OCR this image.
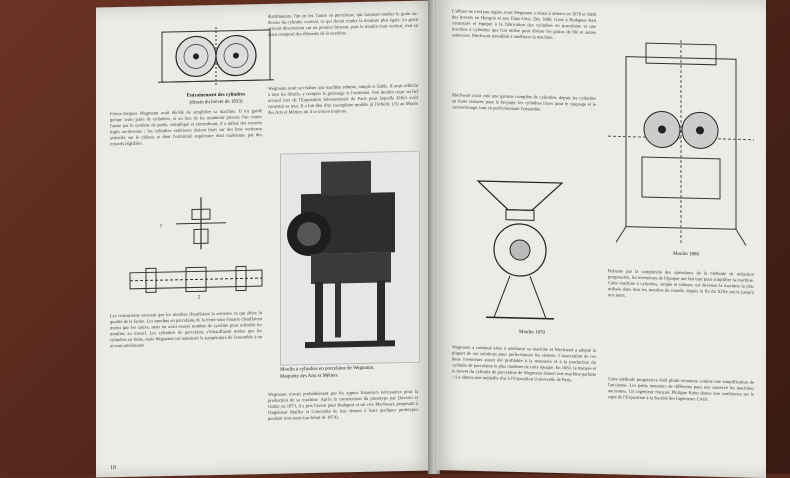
Entraînement des cylindres
(dessin du brevet de 1833)
Frères-Jacques Wegmann avait décidé de simplifier sa machine. Il n'a gardé qu'une seule paire de cylindres, et au lieu de les maintenir pressés l'un contre l'autre par le système de poids, compliqué et encombrant, il a utilisé des ressorts logés au-dessous ; les cylindres extérieurs étaient fixés sur des bras verticaux articulés sur le châssis et dont l'extrémité supérieure était maintenue par des ressorts réglables.
1
2
Les concurrents savaient que les moulins chauffaient la semence ce qui altère la qualité de la farine. Les moulins en porcelaine de la Ferté-sous-Jouarre chauffaient moins que les autres, mais on avait essayé nombre de système pour refroidir les moulins au travail. Les cylindres de porcelaine s'échauffaient moins que les cylindres en fonte, mais Wegmann sut maintenir la température de l'ensemble à un niveau satisfaisant.
distributeurs, l'un en fer, l'autre en porcelaine, qui faisaient tomber le grain au-dessus du cylindre vertical, ce qui devait rendre la mouture plus égale. Le grain arrivait directement sur un premier broyeur, puis le moulin était vertical, tout en étant composé des éléments de la machine.
Wegmann avait su réaliser une machine robuste, simple et fiable. Il avait réfléchi à tous les détails, y compris le graissage et l'entretien. Son moulin reçut un bel accueil lors de l'Exposition Internationale de Paris pour laquelle Eiffel avait construit sa tour. Il a fait don d'un exemplaire modèle (à l'échelle 1/5) au Musée des Arts et Métiers où il se trouve toujours.
Moulin à cylindres en porcelaine de Wegmann.
Maquette des Arts et Métiers
Wegmann n'avait probablement pas les appuis financiers nécessaires pour la production de sa machine. Après la construction du prototype par Daverio et Gütler en 1873, il a pris l'avion pour Budapest et un vice Mechwart, proposant à l'Ingénieur Mailler et Concordia de leur donner à leurs quelques prototypes pendant trois mois (au début de 1874).
18
L'affaire ne s'est pas réglée, mais Wegmann a réussi à obtenir en 1879 et 1880 des brevets en Hongrie et aux Etats-Unis. Dès 1880, Ganz à Budapest était construire et équiper à la fabrication des cylindres en porcelaine et une machine à cylindres que l'on utilise pour diviser les grains de blé et autres semences. Mechwart travaillait à améliorer la machine.
Mechwart avait créé une gamme complète de cylindres, depuis les cylindres en fonte rainurée pour le broyage, les cylindres lisses pour le claquage et le convertissage, tout en perfectionnant l'ensemble.
Moulin 1870
Wegmann a continué alors à améliorer sa machine et Mechwart a adopté la plupart de ses solutions pour perfectionner les siennes. L'association de ces deux inventeurs aurait été profitable à la meunerie et à la production du cylindre de porcelaine le plus moderne de cette époque. En 1883, la marque et le brevet du cylindre de porcelaine de Wegmann étaient une machine parfaite ; il a obtenu une médaille d'or à l'Exposition Universelle de Paris.
Moulin 1880
Robuste par la complexité des opérations de la méthode de réduction progressive, les inventeurs de l'époque ont fait tout pour simplifier la machine. Cette machine à cylindres, simple et robuste, est devenue la machine la plus utilisée dans tous les moulins du monde, depuis la fin du XIXe siècle jusqu'à nos jours.
Cette méthode progressive était plutôt reconnue comme une simplification de l'ancienne. Les petits meuniers de différents pays ont conservé les machines anciennes. Un ingénieur français Philippe Kuhn donne une conférence sur le sujet de l'Exposition à la Société des Ingénieurs Civils.
